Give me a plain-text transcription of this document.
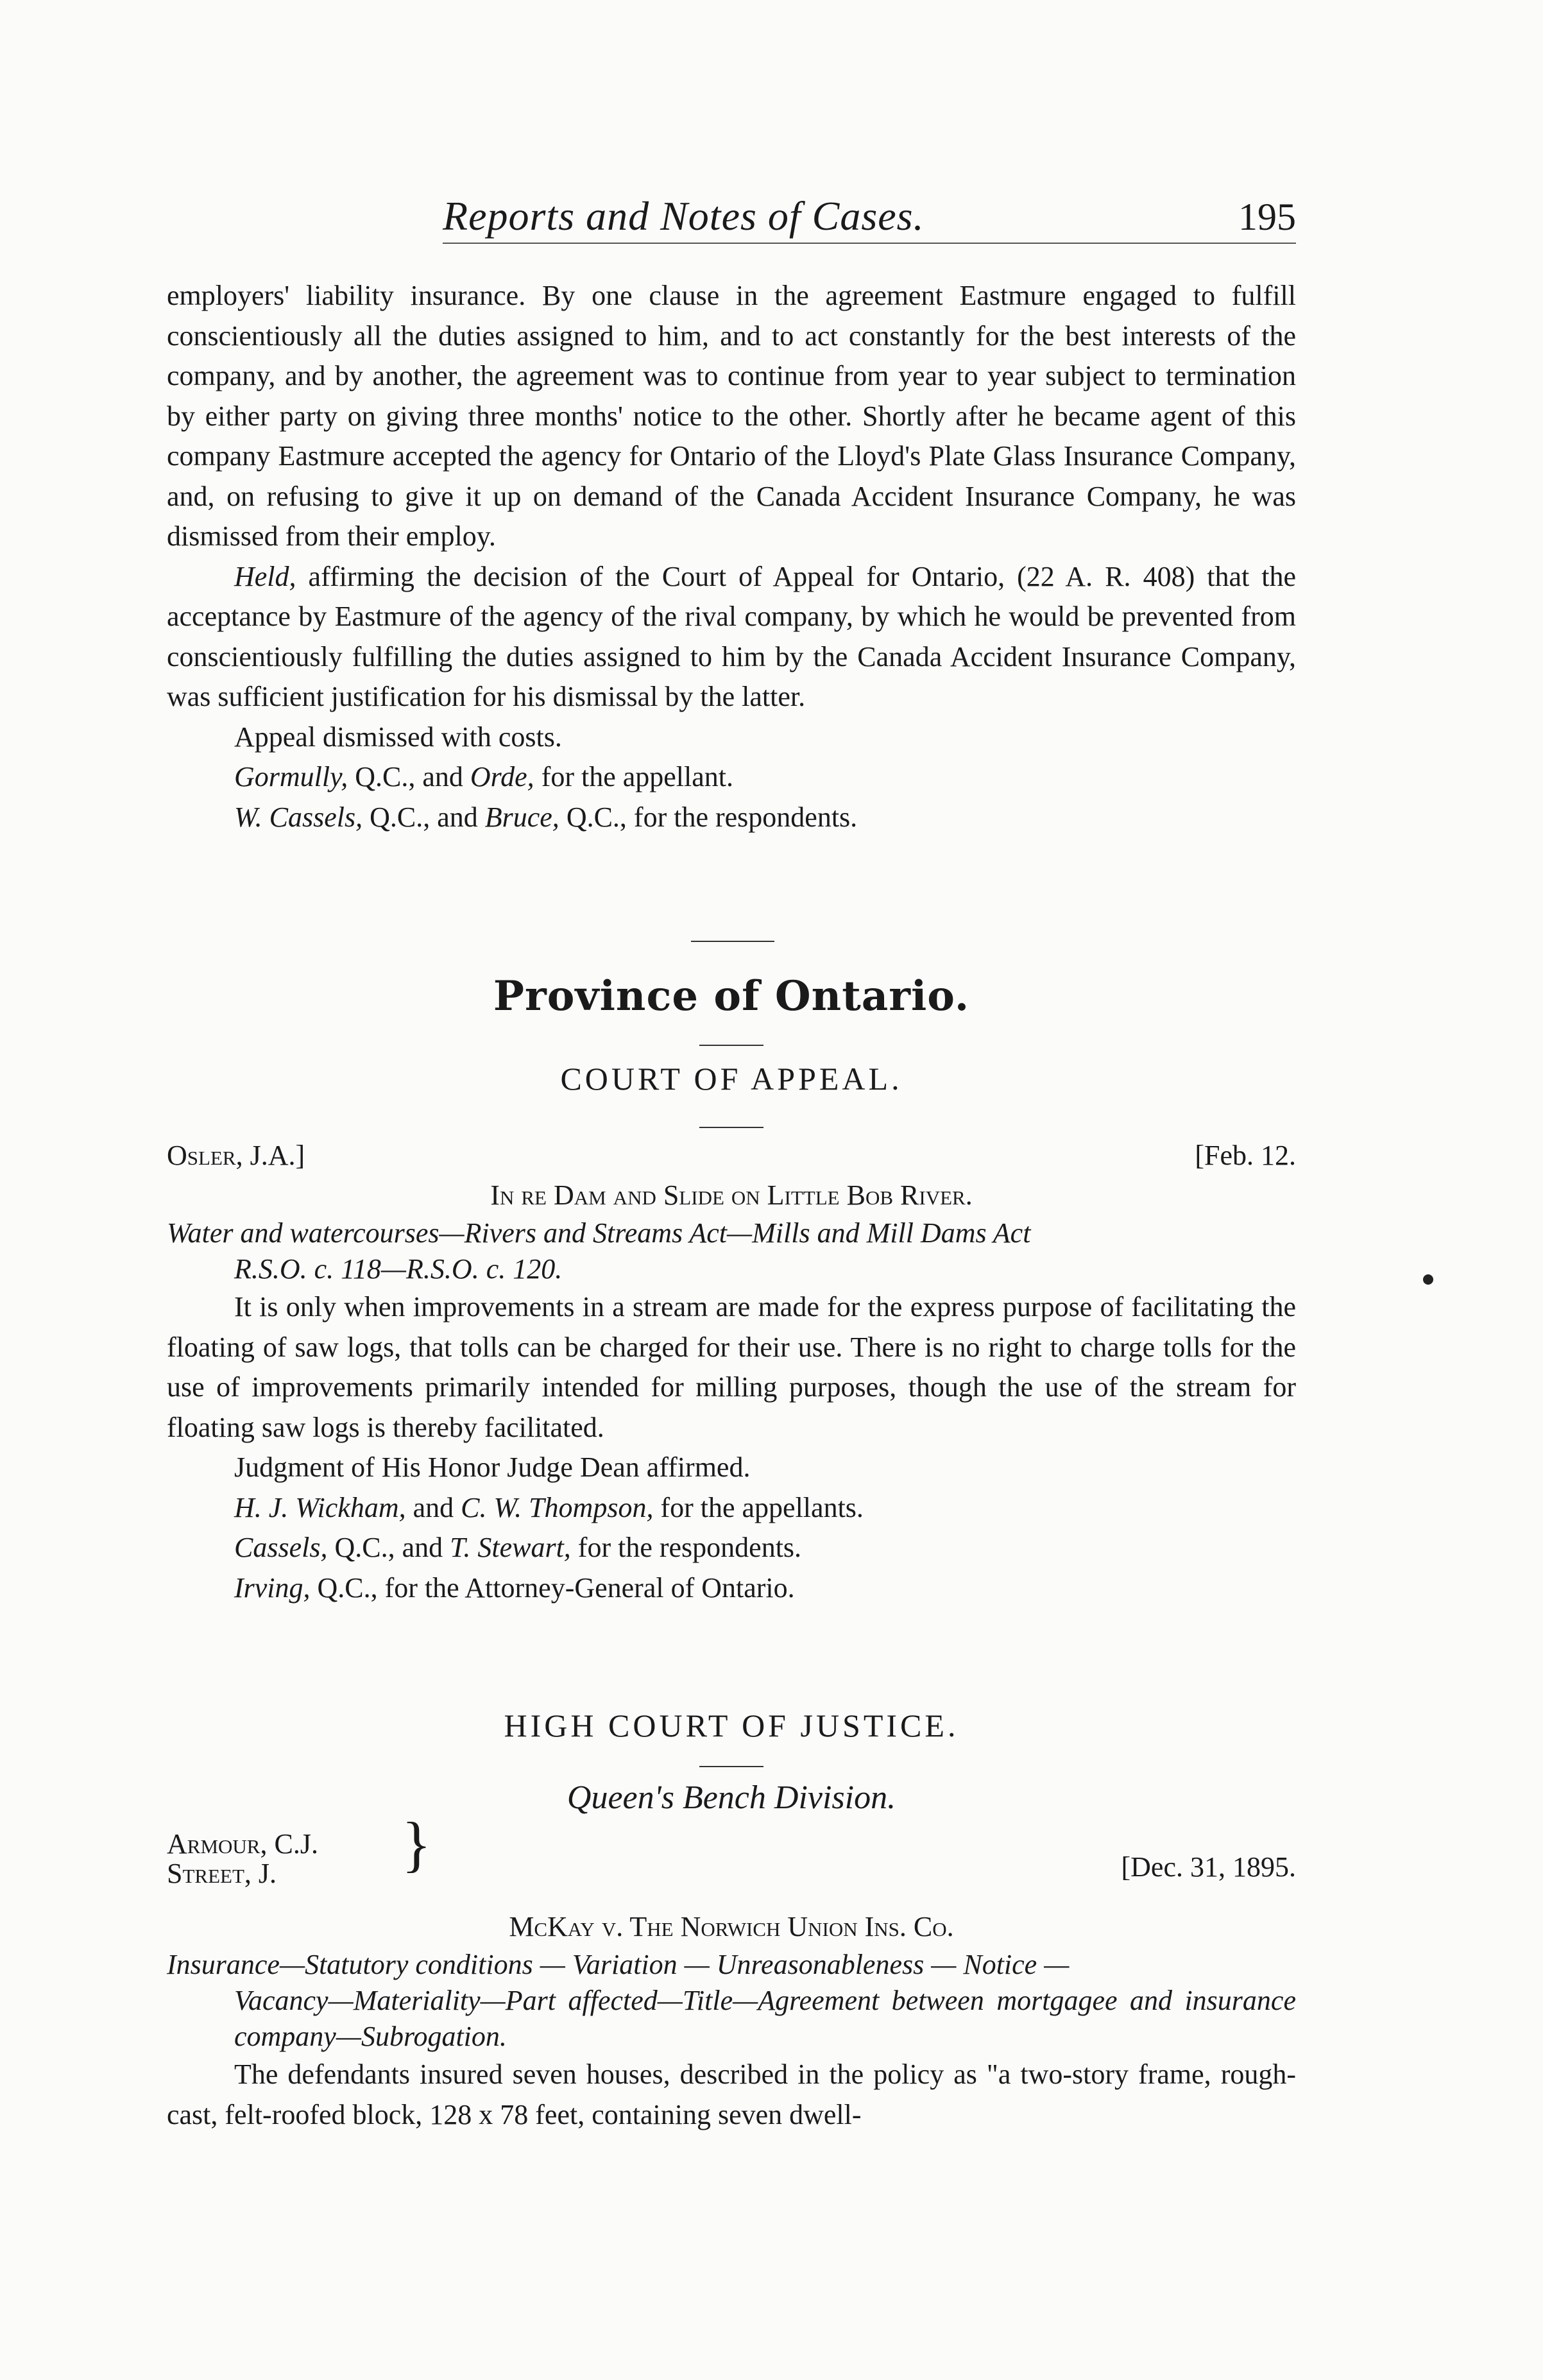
Reports and Notes of Cases.	195

employers' liability insurance. By one clause in the agreement Eastmure engaged to fulfill conscientiously all the duties assigned to him, and to act constantly for the best interests of the company, and by another, the agreement was to continue from year to year subject to termination by either party on giving three months' notice to the other. Shortly after he became agent of this company Eastmure accepted the agency for Ontario of the Lloyd's Plate Glass Insurance Company, and, on refusing to give it up on demand of the Canada Accident Insurance Company, he was dismissed from their employ.

Held, affirming the decision of the Court of Appeal for Ontario, (22 A. R. 408) that the acceptance by Eastmure of the agency of the rival company, by which he would be prevented from conscientiously fulfilling the duties assigned to him by the Canada Accident Insurance Company, was sufficient justification for his dismissal by the latter.

Appeal dismissed with costs.

Gormully, Q.C., and Orde, for the appellant.

W. Cassels, Q.C., and Bruce, Q.C., for the respondents.

Province of Ontario.

COURT OF APPEAL.

Osler, J.A.]	[Feb. 12.

In re Dam and Slide on Little Bob River.

Water and watercourses—Rivers and Streams Act—Mills and Mill Dams Act
R.S.O. c. 118—R.S.O. c. 120.

It is only when improvements in a stream are made for the express purpose of facilitating the floating of saw logs, that tolls can be charged for their use. There is no right to charge tolls for the use of improvements primarily intended for milling purposes, though the use of the stream for floating saw logs is thereby facilitated.

Judgment of His Honor Judge Dean affirmed.

H. J. Wickham, and C. W. Thompson, for the appellants.

Cassels, Q.C., and T. Stewart, for the respondents.

Irving, Q.C., for the Attorney-General of Ontario.

HIGH COURT OF JUSTICE.

Queen's Bench Division.

Armour, C.J.
Street, J. }	[Dec. 31, 1895.

McKay v. The Norwich Union Ins. Co.

Insurance—Statutory conditions — Variation — Unreasonableness — Notice —
Vacancy—Materiality—Part affected—Title—Agreement between mortgagee and insurance company—Subrogation.

The defendants insured seven houses, described in the policy as "a two-story frame, rough-cast, felt-roofed block, 128 x 78 feet, containing seven dwell-
